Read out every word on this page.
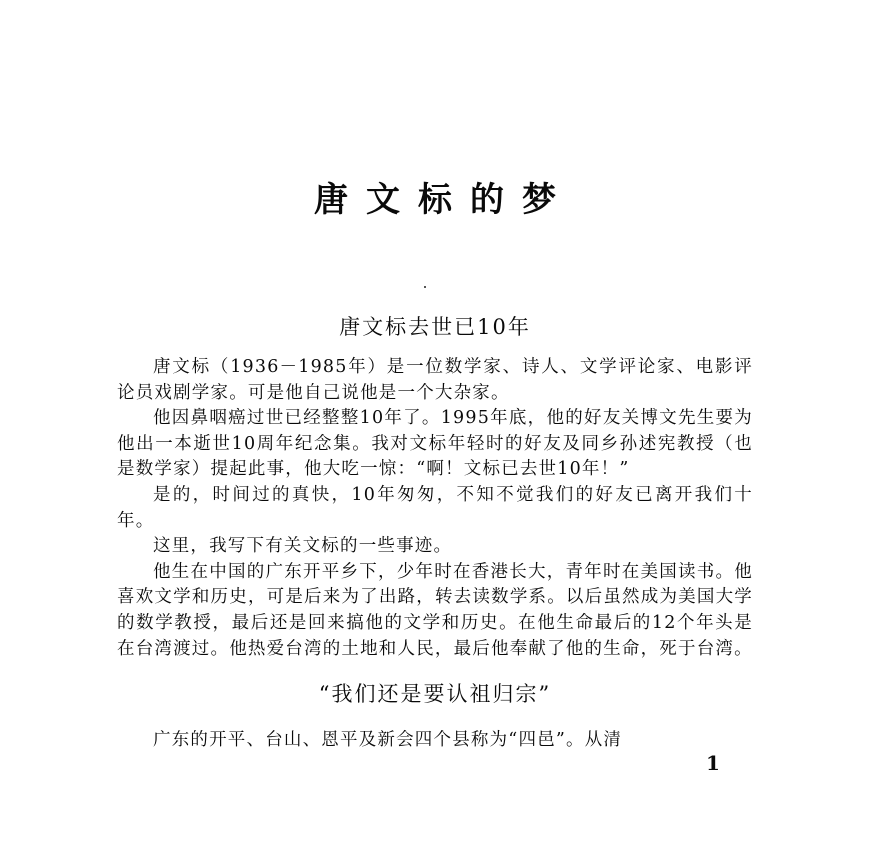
唐文标的梦
唐文标去世已10年

唐文标（1936－1985年）是一位数学家、诗人、文学评论家、电影评论员戏剧学家。可是他自己说他是一个大杂家。

他因鼻咽癌过世已经整整10年了。1995年底，他的好友关博文先生要为他出一本逝世10周年纪念集。我对文标年轻时的好友及同乡孙述宪教授（也是数学家）提起此事，他大吃一惊：“啊！文标已去世10年！”

是的，时间过的真快，10年匆匆，不知不觉我们的好友已离开我们十年。

这里，我写下有关文标的一些事迹。

他生在中国的广东开平乡下，少年时在香港长大，青年时在美国读书。他喜欢文学和历史，可是后来为了出路，转去读数学系。以后虽然成为美国大学的数学教授，最后还是回来搞他的文学和历史。在他生命最后的12个年头是在台湾渡过。他热爱台湾的土地和人民，最后他奉献了他的生命，死于台湾。

“我们还是要认祖归宗”

广东的开平、台山、恩平及新会四个县称为“四邑”。从清

1
